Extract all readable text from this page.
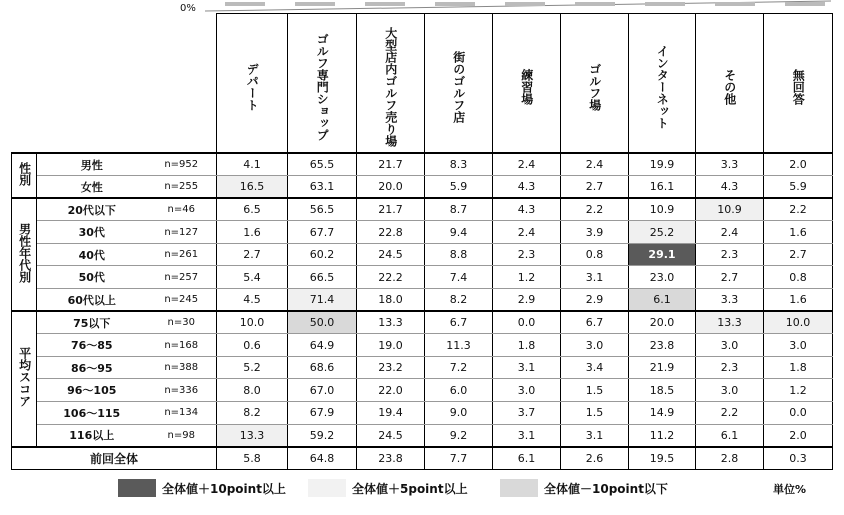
0%
			デパート	ゴルフ専門ショップ	大型店内ゴルフ売り場	街のゴルフ店	練習場	ゴルフ場	インターネット	その他	無回答
性別	男性	n=952	4.1	65.5	21.7	8.3	2.4	2.4	19.9	3.3	2.0
	女性	n=255	16.5	63.1	20.0	5.9	4.3	2.7	16.1	4.3	5.9
男性年代別	20代以下	n=46	6.5	56.5	21.7	8.7	4.3	2.2	10.9	10.9	2.2
	30代	n=127	1.6	67.7	22.8	9.4	2.4	3.9	25.2	2.4	1.6
	40代	n=261	2.7	60.2	24.5	8.8	2.3	0.8	29.1	2.3	2.7
	50代	n=257	5.4	66.5	22.2	7.4	1.2	3.1	23.0	2.7	0.8
	60代以上	n=245	4.5	71.4	18.0	8.2	2.9	2.9	6.1	3.3	1.6
平均スコア	75以下	n=30	10.0	50.0	13.3	6.7	0.0	6.7	20.0	13.3	10.0
	76～85	n=168	0.6	64.9	19.0	11.3	1.8	3.0	23.8	3.0	3.0
	86～95	n=388	5.2	68.6	23.2	7.2	3.1	3.4	21.9	2.3	1.8
	96～105	n=336	8.0	67.0	22.0	6.0	3.0	1.5	18.5	3.0	1.2
	106～115	n=134	8.2	67.9	19.4	9.0	3.7	1.5	14.9	2.2	0.0
	116以上	n=98	13.3	59.2	24.5	9.2	3.1	3.1	11.2	6.1	2.0
前回全体			5.8	64.8	23.8	7.7	6.1	2.6	19.5	2.8	0.3
全体値＋10point以上	全体値＋5point以上	全体値－10point以下	単位%
